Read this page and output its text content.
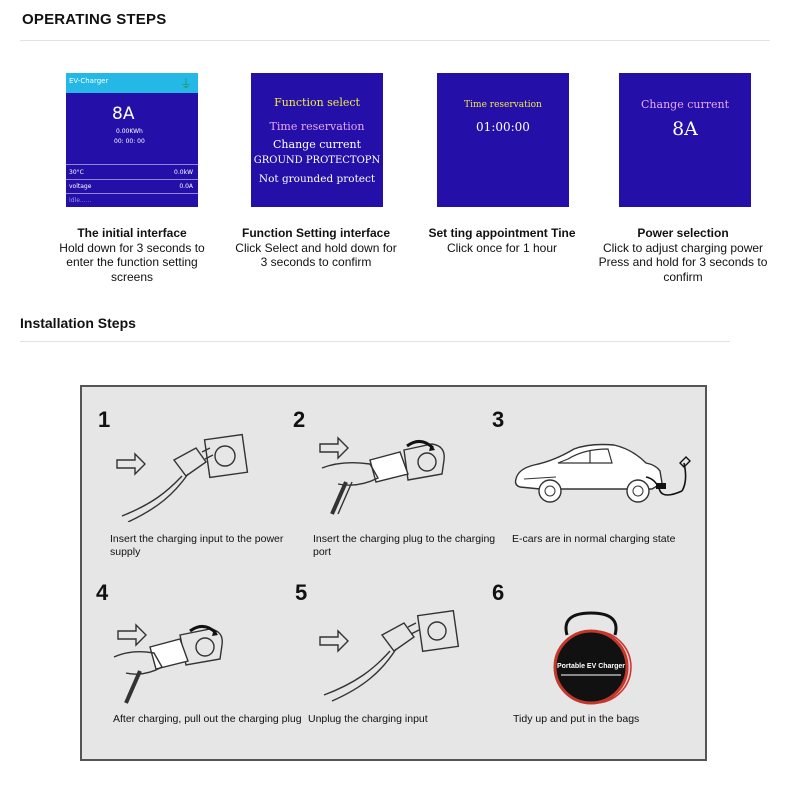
OPERATING STEPS
EV-Charger	⏚
8A
0.00KWh
00: 00: 00
30°C	0.0kW
voltage	0.0A
Idle......
Function select
Time reservation
Change current
GROUND PROTECTOPN
Not grounded protect
Time reservation
01:00:00
Change current
8A
The initial interface
Hold down for 3 seconds to enter the function setting screens
Function Setting interface
Click Select and hold down for 3 seconds to confirm
Set ting appointment Tine
Click once for 1 hour
Power selection
Click to adjust charging power Press and hold for 3 seconds to confirm
Installation Steps
1
Insert the charging input to the power supply
2
Insert the charging plug to the charging port
3
E-cars are in normal charging state
4
After charging, pull out the charging plug
5
Unplug the charging input
6
Portable EV Charger
Tidy up and put in the bags
